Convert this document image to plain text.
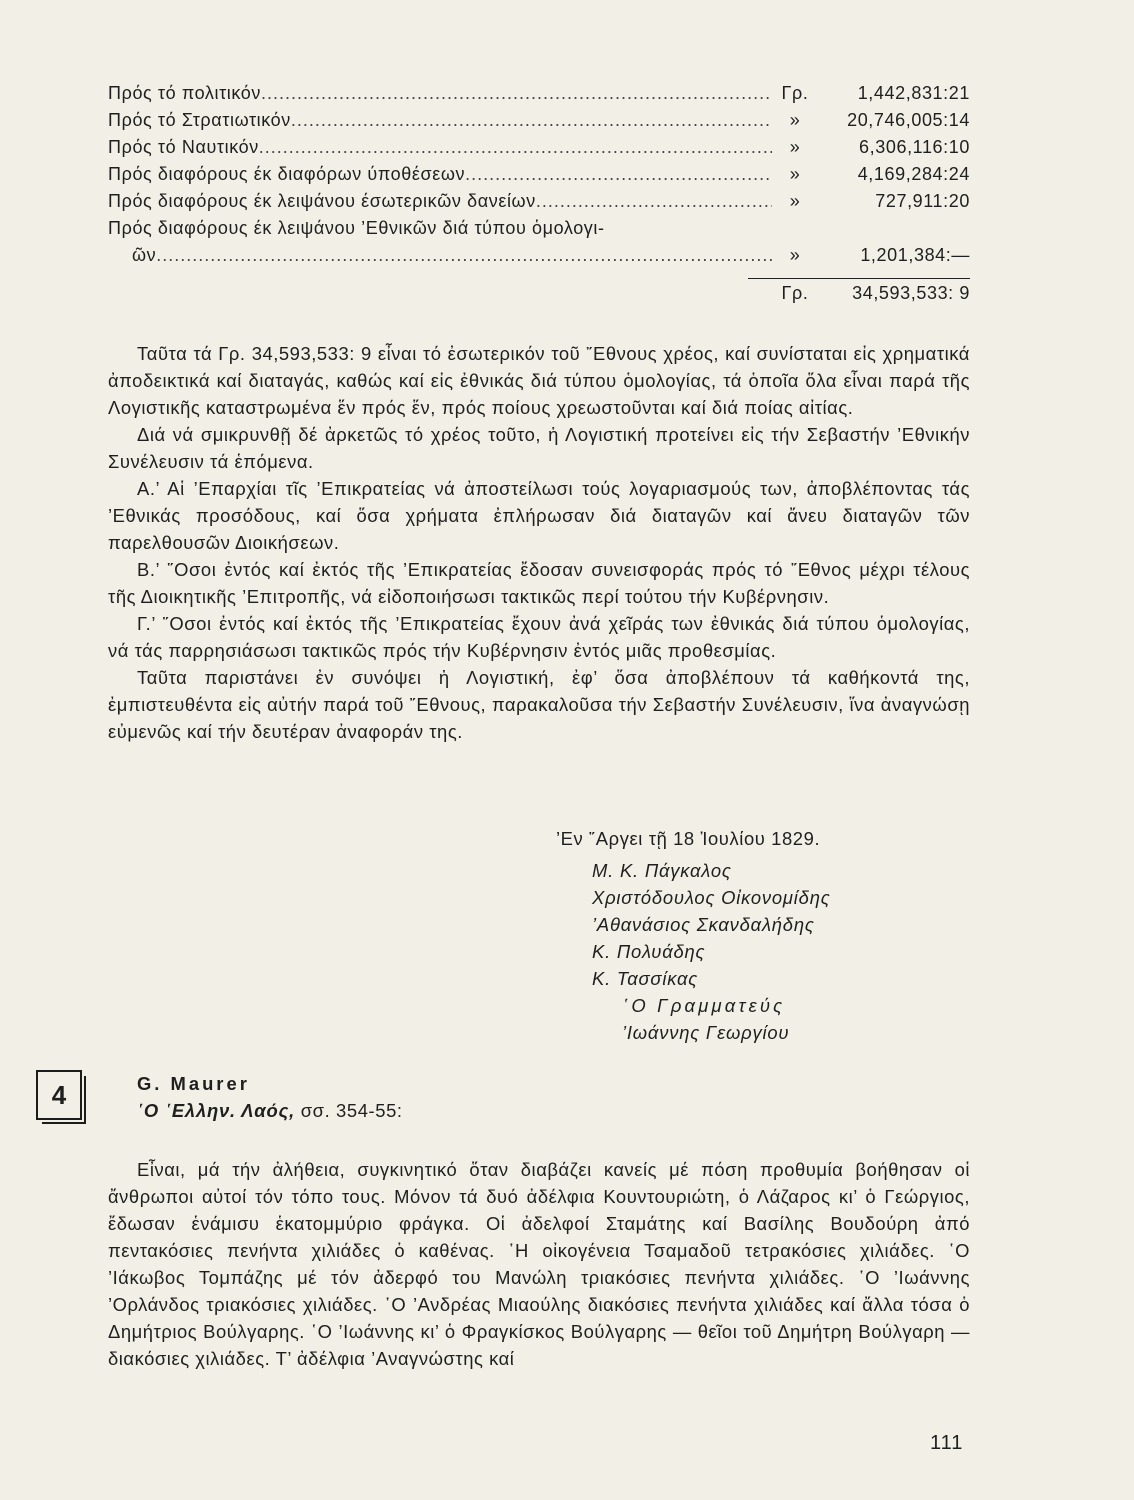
Πρός τό πολιτικόν .....	Γρ.	1,442,831:21
Πρός τό Στρατιωτικόν .....	»	20,746,005:14
Πρός τό Ναυτικόν .....	»	6,306,116:10
Πρός διαφόρους έκ διαφόρων ύποθέσεων .....	»	4,169,284:24
Πρός διαφόρους έκ λειψάνου έσωτερικῶν δανείων .....	»	727,911:20
Πρός διαφόρους έκ λειψάνου ’Εθνικῶν διά τύπου ὁμολογι-
ῶν .....	»	1,201,384:—
Γρ.	34,593,533: 9

Ταῦτα τά Γρ. 34,593,533: 9 εἶναι τό ἐσωτερικόν τοῦ ῎Εθνους χρέος, καί συνίσταται εἰς χρηματικά ἀποδεικτικά καί διαταγάς, καθώς καί εἰς ἐθνικάς διά τύπου ὁμολογίας, τά ὁποῖα ὅλα εἶναι παρά τῆς Λογιστικῆς καταστρωμένα ἕν πρός ἕν, πρός ποίους χρεωστοῦνται καί διά ποίας αἰτίας.

Διά νά σμικρυνθῇ δέ ἀρκετῶς τό χρέος τοῦτο, ἡ Λογιστική προτείνει εἰς τήν Σεβαστήν ’Εθνικήν Συνέλευσιν τά ἑπόμενα.

Α.’ Αἱ ’Επαρχίαι τῖς ’Επικρατείας νά ἀποστείλωσι τούς λογαριασμούς των, ἀποβλέποντας τάς ’Εθνικάς προσόδους, καί ὅσα χρήματα ἐπλήρωσαν διά διαταγῶν καί ἄνευ διαταγῶν τῶν παρελθουσῶν Διοικήσεων.

Β.’ ῞Οσοι ἐντός καί ἐκτός τῆς ’Επικρατείας ἔδοσαν συνεισφοράς πρός τό ῎Εθνος μέχρι τέλους τῆς Διοικητικῆς ’Επιτροπῆς, νά εἰδοποιήσωσι τακτικῶς περί τούτου τήν Κυβέρνησιν.

Γ.’ ῞Οσοι ἐντός καί ἐκτός τῆς ’Επικρατείας ἔχουν ἀνά χεῖράς των ἐθνικάς διά τύπου ὁμολογίας, νά τάς παρρησιάσωσι τακτικῶς πρός τήν Κυβέρνησιν ἐντός μιᾶς προθεσμίας.

Ταῦτα παριστάνει ἐν συνόψει ἡ Λογιστική, ἐφ’ ὅσα ἀποβλέπουν τά καθήκοντά της, ἐμπιστευθέντα εἰς αὐτήν παρά τοῦ ῎Εθνους, παρακαλοῦσα τήν Σεβαστήν Συνέλευσιν, ἵνα ἀναγνώσῃ εὐμενῶς καί τήν δευτέραν ἀναφοράν της.

’Εν ῎Αργει τῇ 18 Ἰουλίου 1829.
Μ. Κ. Πάγκαλος
Χριστόδουλος Οἰκονομίδης
’Αθανάσιος Σκανδαλήδης
Κ. Πολυάδης
Κ. Τασσίκας
῾Ο Γραμματεύς
’Ιωάννης Γεωργίου
4	G. Maurer
῾Ο ῾Ελλην. Λαός, σσ. 354-55:

Εἶναι, μά τήν ἀλήθεια, συγκινητικό ὅταν διαβάζει κανείς μέ πόση προθυμία βοήθησαν οἱ ἄνθρωποι αὐτοί τόν τόπο τους. Μόνον τά δυό ἀδέλφια Κουντουριώτη, ὁ Λάζαρος κι’ ὁ Γεώργιος, ἔδωσαν ἑνάμισυ ἑκατομμύριο φράγκα. Οἱ ἀδελφοί Σταμάτης καί Βασίλης Βουδούρη ἀπό πεντακόσιες πενήντα χιλιάδες ὁ καθένας. ῾Η οἰκογένεια Τσαμαδοῦ τετρακόσιες χιλιάδες. ῾Ο ’Ιάκωβος Τομπάζης μέ τόν ἀδερφό του Μανώλη τριακόσιες πενήντα χιλιάδες. ῾Ο ’Ιωάννης ’Ορλάνδος τριακόσιες χιλιάδες. ῾Ο ’Ανδρέας Μιαούλης διακόσιες πενήντα χιλιάδες καί ἄλλα τόσα ὁ Δημήτριος Βούλγαρης. ῾Ο ’Ιωάννης κι’ ὁ Φραγκίσκος Βούλγαρης — θεῖοι τοῦ Δημήτρη Βούλγαρη — διακόσιες χιλιάδες. Τ’ ἀδέλφια ’Αναγνώστης καί

111
